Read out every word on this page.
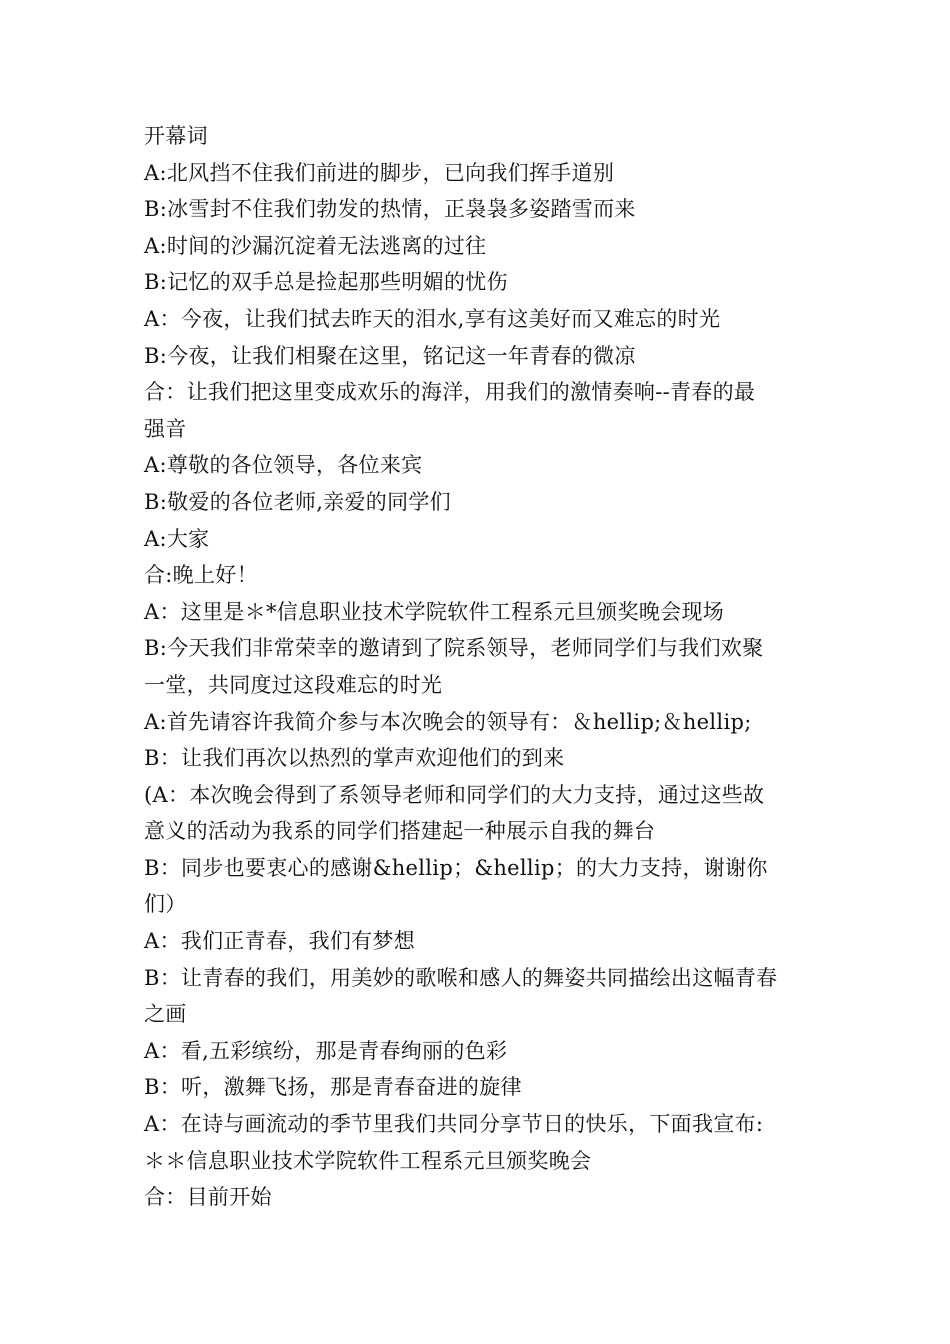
开幕词

A:北风挡不住我们前进的脚步，已向我们挥手道别

B:冰雪封不住我们勃发的热情，正袅袅多姿踏雪而来

A:时间的沙漏沉淀着无法逃离的过往

B:记忆的双手总是捡起那些明媚的忧伤

A：今夜，让我们拭去昨天的泪水,享有这美好而又难忘的时光

B:今夜，让我们相聚在这里，铭记这一年青春的微凉

合：让我们把这里变成欢乐的海洋，用我们的激情奏响--青春的最

强音

A:尊敬的各位领导，各位来宾

B:敬爱的各位老师,亲爱的同学们

A:大家

合:晚上好！

A：这里是＊*信息职业技术学院软件工程系元旦颁奖晚会现场

B:今天我们非常荣幸的邀请到了院系领导，老师同学们与我们欢聚

一堂，共同度过这段难忘的时光

A:首先请容许我简介参与本次晚会的领导有：＆hellip;＆hellip;

B：让我们再次以热烈的掌声欢迎他们的到来

(A：本次晚会得到了系领导老师和同学们的大力支持，通过这些故

意义的活动为我系的同学们搭建起一种展示自我的舞台

B：同步也要衷心的感谢&hellip；&hellip；的大力支持，谢谢你

们）

A：我们正青春，我们有梦想

B：让青春的我们，用美妙的歌喉和感人的舞姿共同描绘出这幅青春

之画

A：看,五彩缤纷，那是青春绚丽的色彩

B：听，激舞飞扬，那是青春奋进的旋律

A：在诗与画流动的季节里我们共同分享节日的快乐，下面我宣布:

＊＊信息职业技术学院软件工程系元旦颁奖晚会

合：目前开始
